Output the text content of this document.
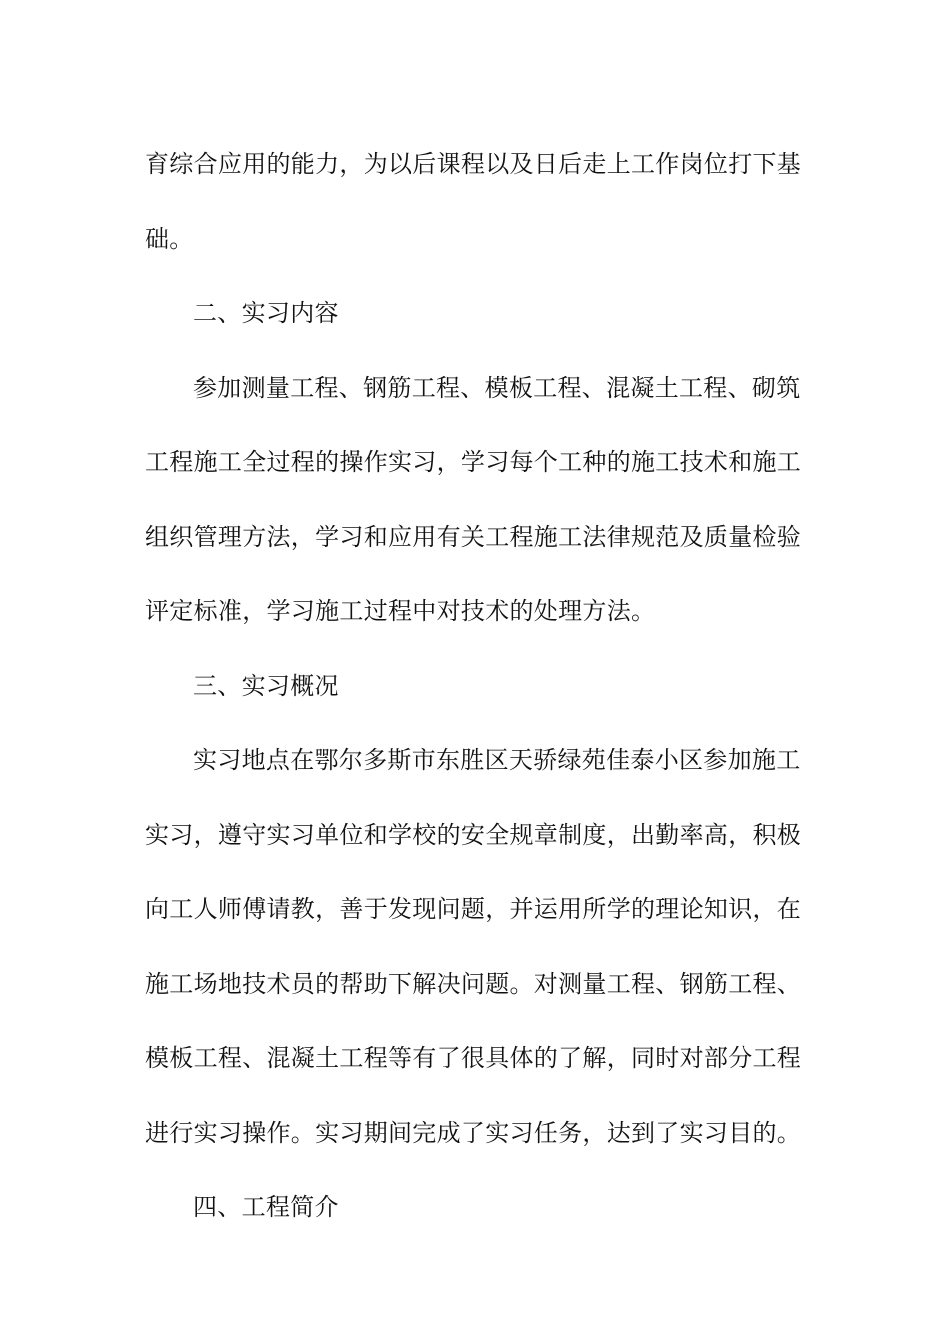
育综合应用的能力，为以后课程以及日后走上工作岗位打下基
础。
二、实习内容
参加测量工程、钢筋工程、模板工程、混凝土工程、砌筑
工程施工全过程的操作实习，学习每个工种的施工技术和施工
组织管理方法，学习和应用有关工程施工法律规范及质量检验
评定标准，学习施工过程中对技术的处理方法。
三、实习概况
实习地点在鄂尔多斯市东胜区天骄绿苑佳泰小区参加施工
实习，遵守实习单位和学校的安全规章制度，出勤率高，积极
向工人师傅请教，善于发现问题，并运用所学的理论知识，在
施工场地技术员的帮助下解决问题。对测量工程、钢筋工程、
模板工程、混凝土工程等有了很具体的了解，同时对部分工程
进行实习操作。实习期间完成了实习任务，达到了实习目的。
四、工程简介
